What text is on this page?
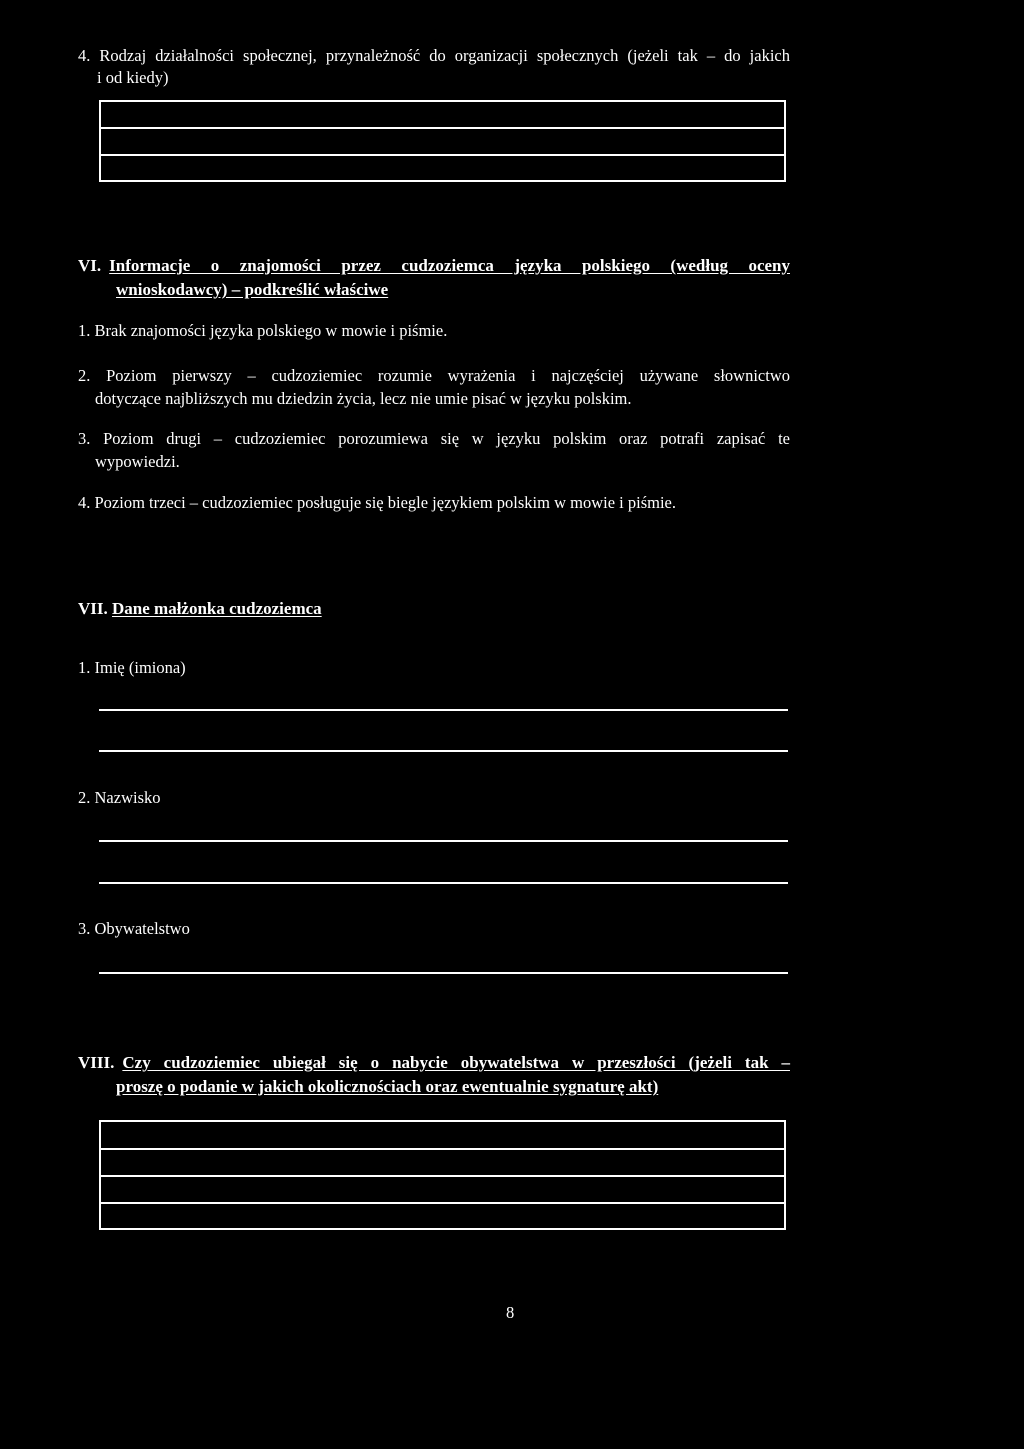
4. Rodzaj działalności społecznej, przynależność do organizacji społecznych (jeżeli tak – do jakich
i od kiedy)
VI. Informacje o znajomości przez cudzoziemca języka polskiego (według oceny
wnioskodawcy) – podkreślić właściwe
1. Brak znajomości języka polskiego w mowie i piśmie.
2. Poziom pierwszy – cudzoziemiec rozumie wyrażenia i najczęściej używane słownictwo
dotyczące najbliższych mu dziedzin życia, lecz nie umie pisać w języku polskim.
3. Poziom drugi – cudzoziemiec porozumiewa się w języku polskim oraz potrafi zapisać te
wypowiedzi.
4. Poziom trzeci – cudzoziemiec posługuje się biegle językiem polskim w mowie i piśmie.
VII. Dane małżonka cudzoziemca
1. Imię (imiona)
2. Nazwisko
3. Obywatelstwo
VIII. Czy cudzoziemiec ubiegał się o nabycie obywatelstwa w przeszłości (jeżeli tak –
proszę o podanie w jakich okolicznościach oraz ewentualnie sygnaturę akt)
8
